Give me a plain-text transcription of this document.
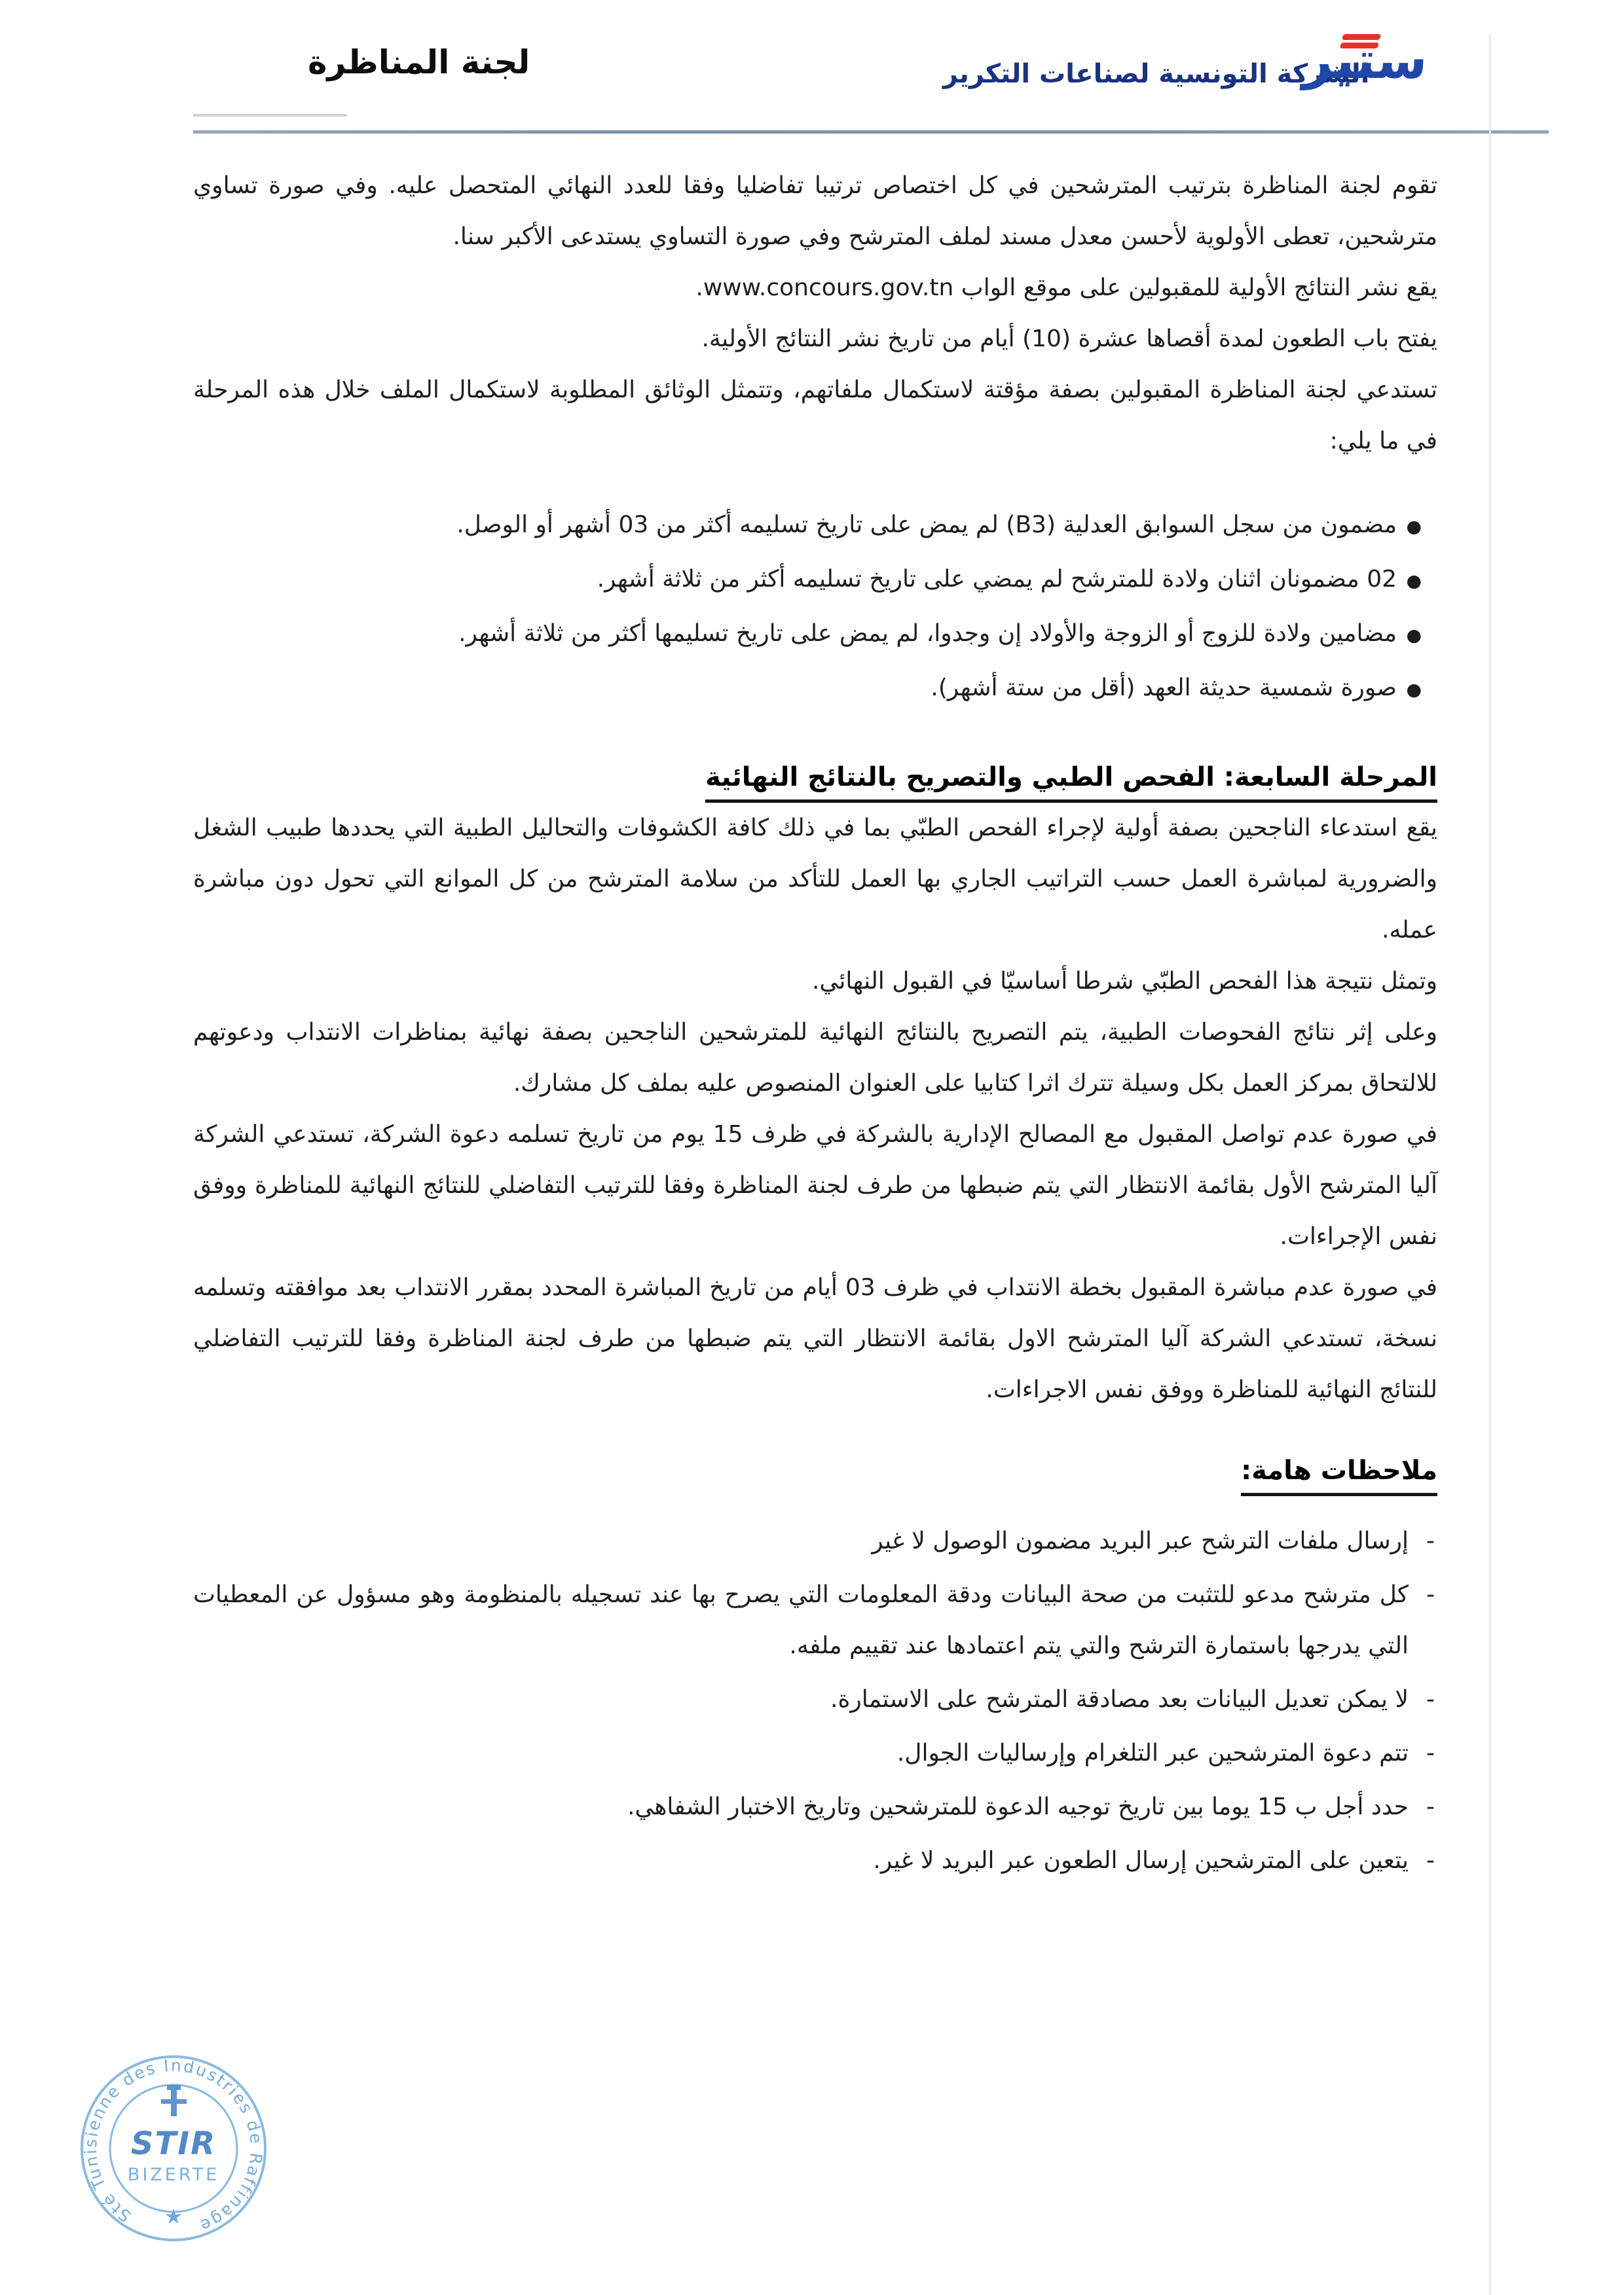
لجنة المناظرة	الشركة التونسية لصناعات التكرير
ستير

تقوم لجنة المناظرة بترتيب المترشحين في كل اختصاص ترتيبا تفاضليا وفقا للعدد النهائي المتحصل عليه. وفي صورة تساوي مترشحين، تعطى الأولوية لأحسن معدل مسند لملف المترشح وفي صورة التساوي يستدعى الأكبر سنا.

يقع نشر النتائج الأولية للمقبولين على موقع الواب www.concours.gov.tn.

يفتح باب الطعون لمدة أقصاها عشرة (10) أيام من تاريخ نشر النتائج الأولية.

تستدعي لجنة المناظرة المقبولين بصفة مؤقتة لاستكمال ملفاتهم، وتتمثل الوثائق المطلوبة لاستكمال الملف خلال هذه المرحلة في ما يلي:

●
مضمون من سجل السوابق العدلية (B3) لم يمض على تاريخ تسليمه أكثر من 03 أشهر أو الوصل.
●
02 مضمونان اثنان ولادة للمترشح لم يمضي على تاريخ تسليمه أكثر من ثلاثة أشهر.
●
مضامين ولادة للزوج أو الزوجة والأولاد إن وجدوا، لم يمض على تاريخ تسليمها أكثر من ثلاثة أشهر.
●
صورة شمسية حديثة العهد (أقل من ستة أشهر).
المرحلة السابعة: الفحص الطبي والتصريح بالنتائج النهائية

يقع استدعاء الناجحين بصفة أولية لإجراء الفحص الطبّي بما في ذلك كافة الكشوفات والتحاليل الطبية التي يحددها طبيب الشغل والضرورية لمباشرة العمل حسب التراتيب الجاري بها العمل للتأكد من سلامة المترشح من كل الموانع التي تحول دون مباشرة عمله.

وتمثل نتيجة هذا الفحص الطبّي شرطا أساسيّا في القبول النهائي.

وعلى إثر نتائج الفحوصات الطبية، يتم التصريح بالنتائج النهائية للمترشحين الناجحين بصفة نهائية بمناظرات الانتداب ودعوتهم للالتحاق بمركز العمل بكل وسيلة تترك اثرا كتابيا على العنوان المنصوص عليه بملف كل مشارك.

في صورة عدم تواصل المقبول مع المصالح الإدارية بالشركة في ظرف 15 يوم من تاريخ تسلمه دعوة الشركة، تستدعي الشركة آليا المترشح الأول بقائمة الانتظار التي يتم ضبطها من طرف لجنة المناظرة وفقا للترتيب التفاضلي للنتائج النهائية للمناظرة ووفق نفس الإجراءات.

في صورة عدم مباشرة المقبول بخطة الانتداب في ظرف 03 أيام من تاريخ المباشرة المحدد بمقرر الانتداب بعد موافقته وتسلمه نسخة، تستدعي الشركة آليا المترشح الاول بقائمة الانتظار التي يتم ضبطها من طرف لجنة المناظرة وفقا للترتيب التفاضلي للنتائج النهائية للمناظرة ووفق نفس الاجراءات.

ملاحظات هامة:
-
إرسال ملفات الترشح عبر البريد مضمون الوصول لا غير
-
كل مترشح مدعو للتثبت من صحة البيانات ودقة المعلومات التي يصرح بها عند تسجيله بالمنظومة وهو مسؤول عن المعطيات التي يدرجها باستمارة الترشح والتي يتم اعتمادها عند تقييم ملفه.
-
لا يمكن تعديل البيانات بعد مصادقة المترشح على الاستمارة.
-
تتم دعوة المترشحين عبر التلغرام وإرساليات الجوال.
-
حدد أجل ب 15 يوما بين تاريخ توجيه الدعوة للمترشحين وتاريخ الاختبار الشفاهي.
-
يتعين على المترشحين إرسال الطعون عبر البريد لا غير.
Sté Tunisienne des Industries de Raffinage
STIR
BIZERTE
★
